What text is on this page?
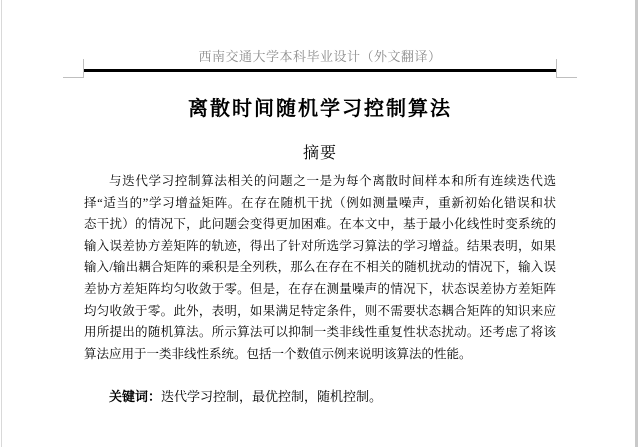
西南交通大学本科毕业设计（外文翻译）
离散时间随机学习控制算法
摘要
与迭代学习控制算法相关的问题之一是为每个离散时间样本和所有连续迭代选
择“适当的”学习增益矩阵。在存在随机干扰（例如测量噪声，重新初始化错误和状
态干扰）的情况下，此问题会变得更加困难。在本文中，基于最小化线性时变系统的
输入误差协方差矩阵的轨迹，得出了针对所选学习算法的学习增益。结果表明，如果
输入/输出耦合矩阵的乘积是全列秩，那么在存在不相关的随机扰动的情况下，输入误
差协方差矩阵均匀收敛于零。但是，在存在测量噪声的情况下，状态误差协方差矩阵
均匀收敛于零。此外，表明，如果满足特定条件，则不需要状态耦合矩阵的知识来应
用所提出的随机算法。所示算法可以抑制一类非线性重复性状态扰动。还考虑了将该
算法应用于一类非线性系统。包括一个数值示例来说明该算法的性能。
关键词：迭代学习控制，最优控制，随机控制。
